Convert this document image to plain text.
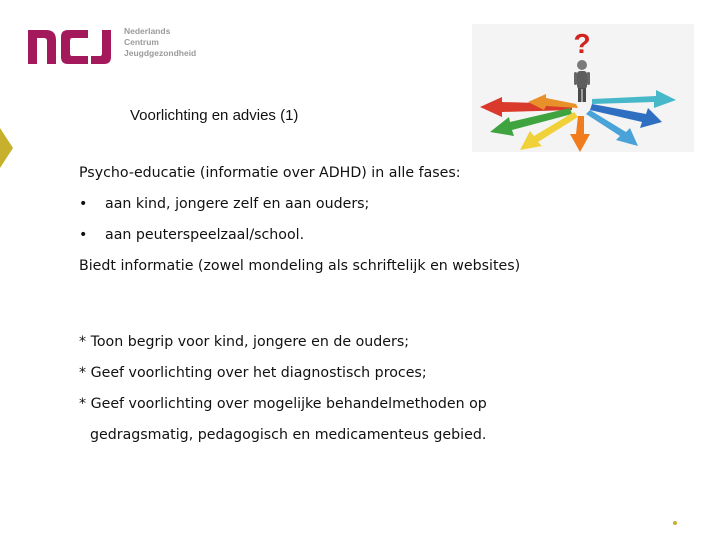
Nederlands
Centrum
Jeugdgezondheid
Voorlichting en advies (1)
?
Psycho-educatie (informatie over ADHD) in alle fases:
• aan kind, jongere zelf en aan ouders;
• aan peuterspeelzaal/school.
Biedt informatie (zowel mondeling als schriftelijk en websites)
* Toon begrip voor kind, jongere en de ouders;
* Geef voorlichting over het diagnostisch proces;
* Geef voorlichting over mogelijke behandelmethoden op
gedragsmatig, pedagogisch en medicamenteus gebied.
